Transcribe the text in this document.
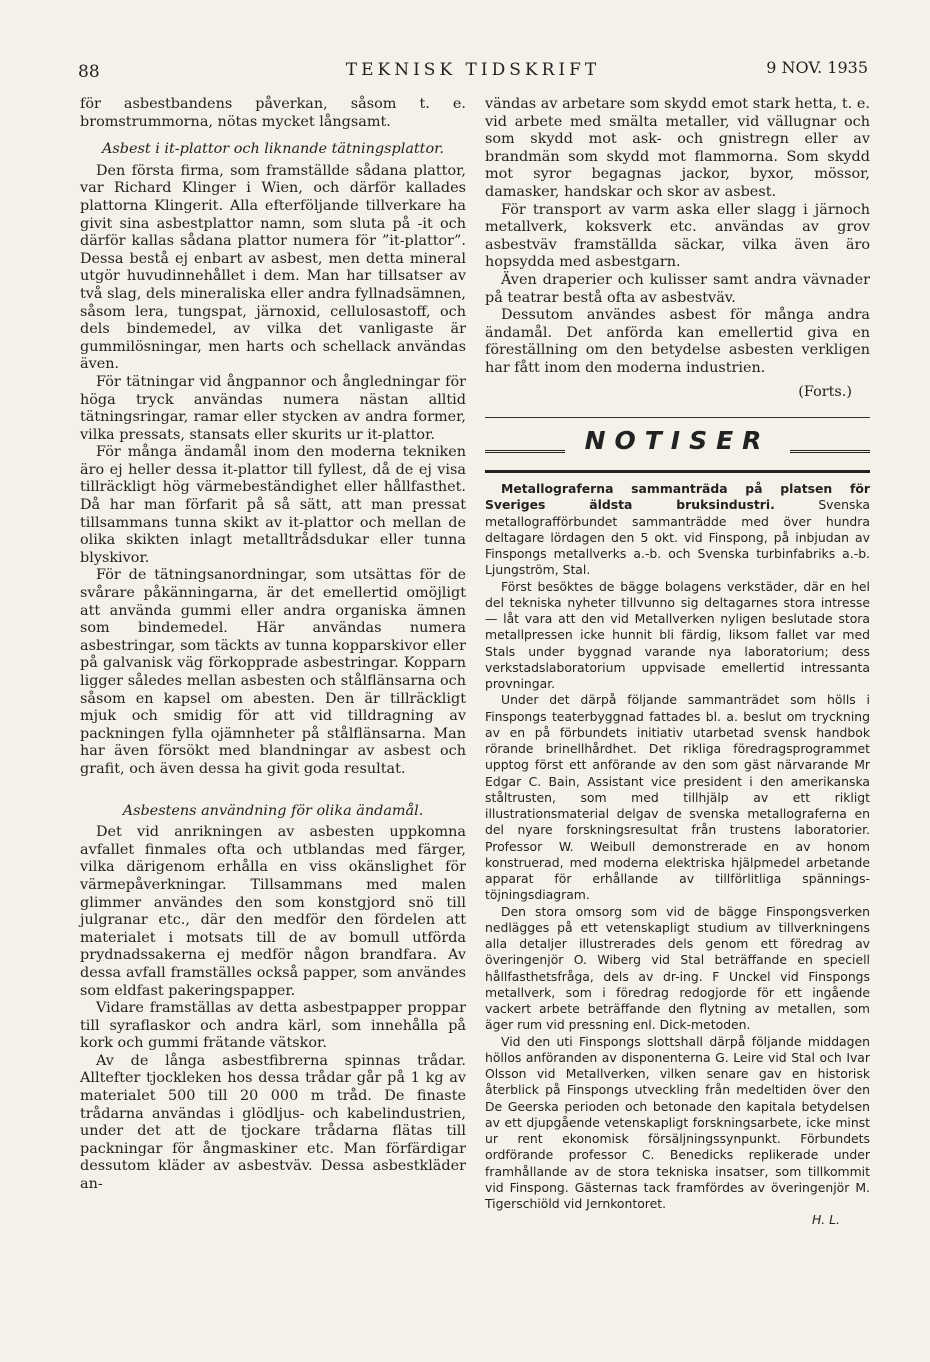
88	TEKNISK TIDSKRIFT	9 NOV. 1935

för asbestbandens påverkan, såsom t. e. bromstrummorna, nötas mycket långsamt.

Asbest i it-plattor och liknande tätningsplattor.

Den första firma, som framställde sådana plattor, var Richard Klinger i Wien, och därför kallades plattorna Klingerit. Alla efterföljande tillverkare ha givit sina asbestplattor namn, som sluta på -it och därför kallas sådana plattor numera för ”it-plattor”. Dessa bestå ej enbart av asbest, men detta mineral utgör huvudinnehållet i dem. Man har tillsatser av två slag, dels mineraliska eller andra fyllnadsämnen, såsom lera, tungspat, järnoxid, cellulosastoff, och dels bindemedel, av vilka det vanligaste är gummilösningar, men harts och schellack användas även.

För tätningar vid ångpannor och ångledningar för höga tryck användas numera nästan alltid tätningsringar, ramar eller stycken av andra former, vilka pressats, stansats eller skurits ur it-plattor.

För många ändamål inom den moderna tekniken äro ej heller dessa it-plattor till fyllest, då de ej visa tillräckligt hög värmebeständighet eller hållfasthet. Då har man förfarit på så sätt, att man pressat tillsammans tunna skikt av it-plattor och mellan de olika skikten inlagt metalltrådsdukar eller tunna blyskivor.

För de tätningsanordningar, som utsättas för de svårare påkänningarna, är det emellertid omöjligt att använda gummi eller andra organiska ämnen som bindemedel. Här användas numera asbestringar, som täckts av tunna kopparskivor eller på galvanisk väg förkopprade asbestringar. Kopparn ligger således mellan asbesten och stålflänsarna och såsom en kapsel om abesten. Den är tillräckligt mjuk och smidig för att vid tilldragning av packningen fylla ojämnheter på stålflänsarna. Man har även försökt med blandningar av asbest och grafit, och även dessa ha givit goda resultat.

Asbestens användning för olika ändamål.

Det vid anrikningen av asbesten uppkomna avfallet finmales ofta och utblandas med färger, vilka därigenom erhålla en viss okänslighet för värmepåverkningar. Tillsammans med malen glimmer användes den som konstgjord snö till julgranar etc., där den medför den fördelen att materialet i motsats till de av bomull utförda prydnadssakerna ej medför någon brandfara. Av dessa avfall framställes också papper, som användes som eldfast pakeringspapper.

Vidare framställas av detta asbestpapper proppar till syraflaskor och andra kärl, som innehålla på kork och gummi frätande vätskor.

Av de långa asbestfibrerna spinnas trådar. Alltefter tjockleken hos dessa trådar går på 1 kg av materialet 500 till 20 000 m tråd. De finaste trådarna användas i glödljus- och kabelindustrien, under det att de tjockare trådarna flätas till packningar för ångmaskiner etc. Man förfärdigar dessutom kläder av asbestväv. Dessa asbestkläder an-

vändas av arbetare som skydd emot stark hetta, t. e. vid arbete med smälta metaller, vid vällugnar och som skydd mot ask- och gnistregn eller av brandmän som skydd mot flammorna. Som skydd mot syror begagnas jackor, byxor, mössor, damasker, handskar och skor av asbest.

För transport av varm aska eller slagg i järnoch metallverk, koksverk etc. användas av grov asbestväv framställda säckar, vilka även äro hopsydda med asbestgarn.

Även draperier och kulisser samt andra vävnader på teatrar bestå ofta av asbestväv.

Dessutom användes asbest för många andra ändamål. Det anförda kan emellertid giva en föreställning om den betydelse asbesten verkligen har fått inom den moderna industrien.

(Forts.)

NOTISER

Metallograferna sammanträda på platsen för Sveriges äldsta bruksindustri. Svenska metallografförbundet sammanträdde med över hundra deltagare lördagen den 5 okt. vid Finspong, på inbjudan av Finspongs metallverks a.-b. och Svenska turbinfabriks a.-b. Ljungström, Stal.

Först besöktes de bägge bolagens verkstäder, där en hel del tekniska nyheter tillvunno sig deltagarnes stora intresse — låt vara att den vid Metallverken nyligen beslutade stora metallpressen icke hunnit bli färdig, liksom fallet var med Stals under byggnad varande nya laboratorium; dess verkstadslaboratorium uppvisade emellertid intressanta provningar.

Under det därpå följande sammanträdet som hölls i Finspongs teaterbyggnad fattades bl. a. beslut om tryckning av en på förbundets initiativ utarbetad svensk handbok rörande brinellhårdhet. Det rikliga föredragsprogrammet upptog först ett anförande av den som gäst närvarande Mr Edgar C. Bain, Assistant vice president i den amerikanska ståltrusten, som med tillhjälp av ett rikligt illustrationsmaterial delgav de svenska metallograferna en del nyare forskningsresultat från trustens laboratorier. Professor W. Weibull demonstrerade en av honom konstruerad, med moderna elektriska hjälpmedel arbetande apparat för erhållande av tillförlitliga spännings-töjningsdiagram.

Den stora omsorg som vid de bägge Finspongsverken nedlägges på ett vetenskapligt studium av tillverkningens alla detaljer illustrerades dels genom ett föredrag av överingenjör O. Wiberg vid Stal beträffande en speciell hållfasthetsfråga, dels av dr-ing. F Unckel vid Finspongs metallverk, som i föredrag redogjorde för ett ingående vackert arbete beträffande den flytning av metallen, som äger rum vid pressning enl. Dick-metoden.

Vid den uti Finspongs slottshall därpå följande middagen höllos anföranden av disponenterna G. Leire vid Stal och Ivar Olsson vid Metallverken, vilken senare gav en historisk återblick på Finspongs utveckling från medeltiden över den De Geerska perioden och betonade den kapitala betydelsen av ett djupgående vetenskapligt forskningsarbete, icke minst ur rent ekonomisk försäljningssynpunkt. Förbundets ordförande professor C. Benedicks replikerade under framhållande av de stora tekniska insatser, som tillkommit vid Finspong. Gästernas tack framfördes av överingenjör M. Tigerschiöld vid Jernkontoret.

H. L.
